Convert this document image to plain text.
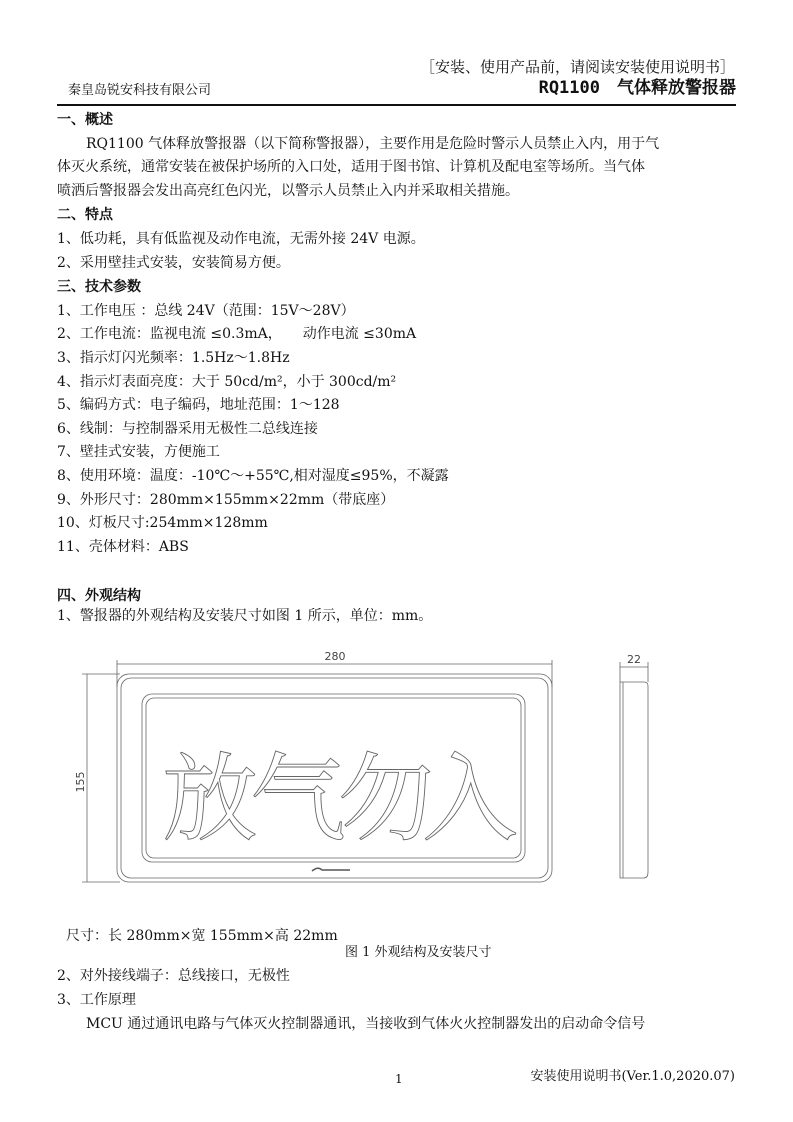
［安装、使用产品前，请阅读安装使用说明书］
秦皇岛锐安科技有限公司	RQ1100　气体释放警报器
一、概述
RQ1100 气体释放警报器（以下简称警报器），主要作用是危险时警示人员禁止入内，用于气
体灭火系统，通常安装在被保护场所的入口处，适用于图书馆、计算机及配电室等场所。当气体
喷洒后警报器会发出高亮红色闪光，以警示人员禁止入内并采取相关措施。
二、特点
1、低功耗，具有低监视及动作电流，无需外接 24V 电源。
2、采用壁挂式安装，安装简易方便。
三、技术参数
1、工作电压 ：总线 24V（范围：15V～28V）
2、工作电流：监视电流 ≤0.3mA，　　动作电流 ≤30mA
3、指示灯闪光频率：1.5Hz～1.8Hz
4、指示灯表面亮度：大于 50cd/m²，小于 300cd/m²
5、编码方式：电子编码，地址范围：1～128
6、线制：与控制器采用无极性二总线连接
7、壁挂式安装，方便施工
8、使用环境：温度：-10℃～+55℃,相对湿度≤95%，不凝露
9、外形尺寸：280mm×155mm×22mm（带底座）
10、灯板尺寸:254mm×128mm
11、壳体材料：ABS
四、外观结构
1、警报器的外观结构及安装尺寸如图 1 所示，单位：mm。
280
155 放
气
勿
入
22
尺寸：长 280mm×宽 155mm×高 22mm
图 1 外观结构及安装尺寸
2、对外接线端子：总线接口，无极性
3、工作原理
MCU 通过通讯电路与气体灭火控制器通讯，当接收到气体火火控制器发出的启动命令信号
1	安装使用说明书(Ver.1.0,2020.07)
